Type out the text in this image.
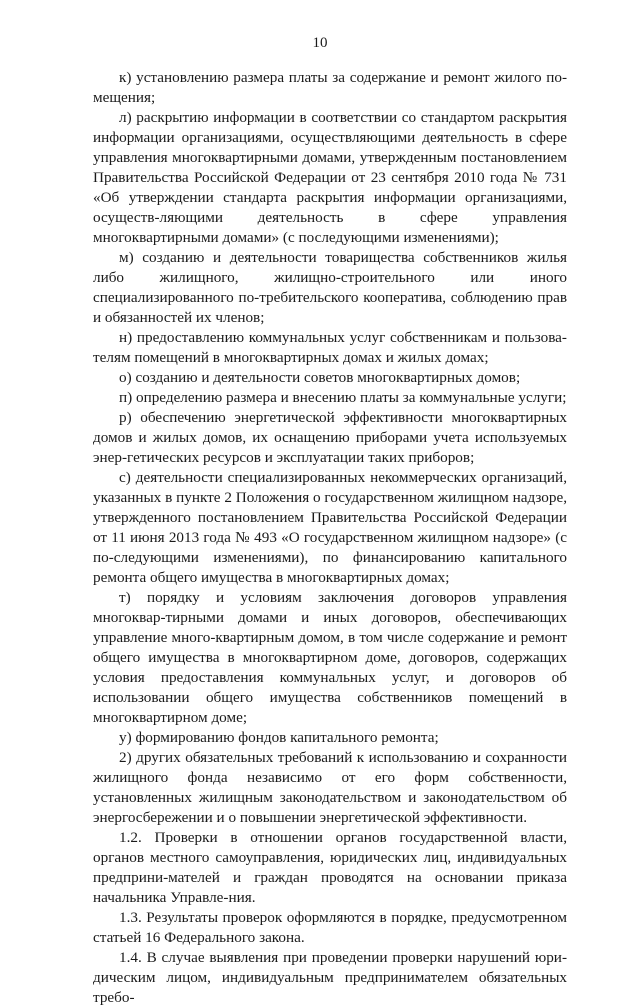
10

к) установлению размера платы за содержание и ремонт жилого по-мещения;

л) раскрытию информации в соответствии со стандартом раскрытия информации организациями, осуществляющими деятельность в сфере управления многоквартирными домами, утвержденным постановлением Правительства Российской Федерации от 23 сентября 2010 года № 731 «Об утверждении стандарта раскрытия информации организациями, осуществ-ляющими деятельность в сфере управления многоквартирными домами» (с последующими изменениями);

м) созданию и деятельности товарищества собственников жилья либо жилищного, жилищно-строительного или иного специализированного по-требительского кооператива, соблюдению прав и обязанностей их членов;

н) предоставлению коммунальных услуг собственникам и пользова-телям помещений в многоквартирных домах и жилых домах;

о) созданию и деятельности советов многоквартирных домов;

п) определению размера и внесению платы за коммунальные услуги;

р) обеспечению энергетической эффективности многоквартирных домов и жилых домов, их оснащению приборами учета используемых энер-гетических ресурсов и эксплуатации таких приборов;

с) деятельности специализированных некоммерческих организаций, указанных в пункте 2 Положения о государственном жилищном надзоре, утвержденного постановлением Правительства Российской Федерации от 11 июня 2013 года № 493 «О государственном жилищном надзоре» (с по-следующими изменениями), по финансированию капитального ремонта общего имущества в многоквартирных домах;

т) порядку и условиям заключения договоров управления многоквар-тирными домами и иных договоров, обеспечивающих управление много-квартирным домом, в том числе содержание и ремонт общего имущества в многоквартирном доме, договоров, содержащих условия предоставления коммунальных услуг, и договоров об использовании общего имущества собственников помещений в многоквартирном доме;

у) формированию фондов капитального ремонта;

2) других обязательных требований к использованию и сохранности жилищного фонда независимо от его форм собственности, установленных жилищным законодательством и законодательством об энергосбережении и о повышении энергетической эффективности.

1.2. Проверки в отношении органов государственной власти, органов местного самоуправления, юридических лиц, индивидуальных предприни-мателей и граждан проводятся на основании приказа начальника Управле-ния.

1.3. Результаты проверок оформляются в порядке, предусмотренном статьей 16 Федерального закона.

1.4. В случае выявления при проведении проверки нарушений юри-дическим лицом, индивидуальным предпринимателем обязательных требо-
